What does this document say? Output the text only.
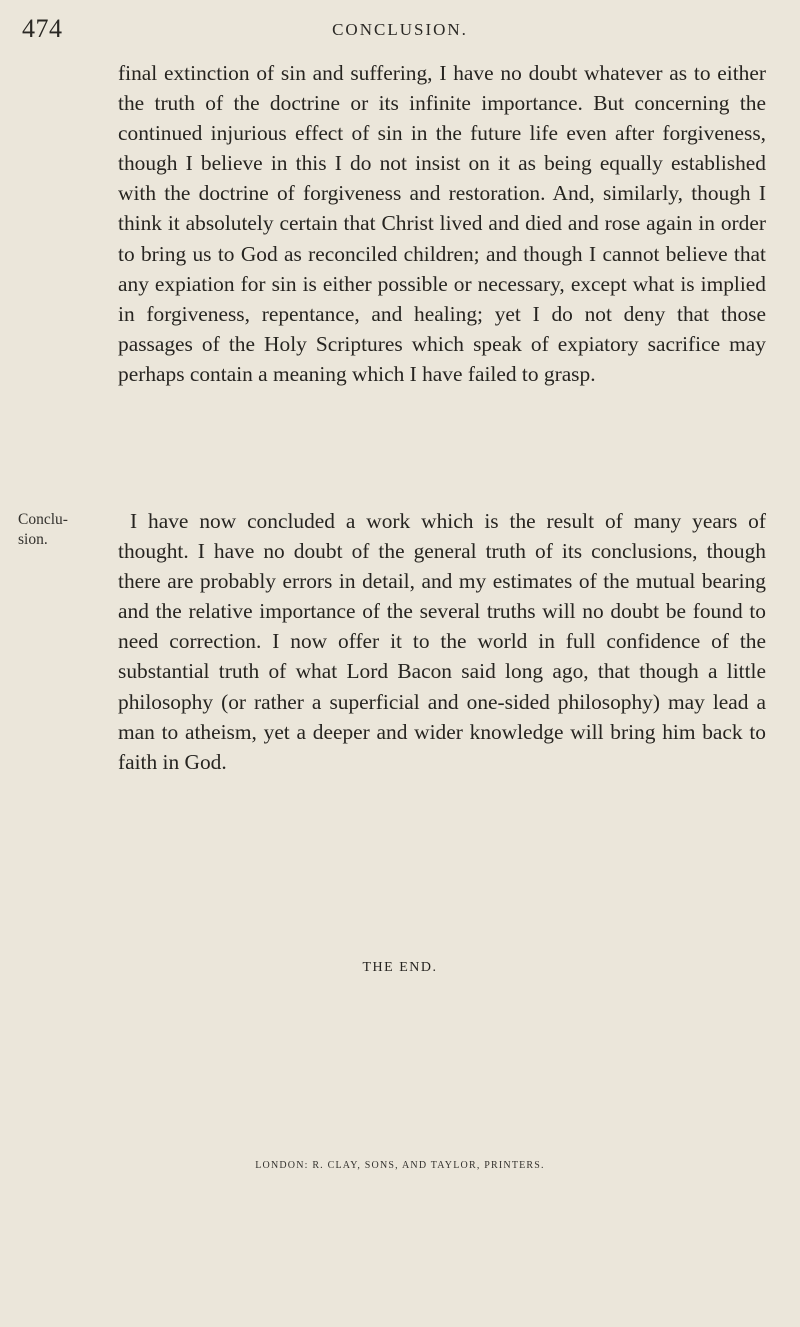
474	CONCLUSION.

final extinction of sin and suffering, I have no doubt whatever as to either the truth of the doctrine or its infinite importance. But concerning the continued injurious effect of sin in the future life even after forgiveness, though I believe in this I do not insist on it as being equally established with the doctrine of forgiveness and restoration. And, similarly, though I think it absolutely certain that Christ lived and died and rose again in order to bring us to God as reconciled children; and though I cannot believe that any expiation for sin is either possible or necessary, except what is implied in forgiveness, repentance, and healing; yet I do not deny that those passages of the Holy Scriptures which speak of expiatory sacrifice may perhaps contain a meaning which I have failed to grasp.

Conclu- sion.

I have now concluded a work which is the result of many years of thought. I have no doubt of the general truth of its conclusions, though there are probably errors in detail, and my estimates of the mutual bearing and the relative importance of the several truths will no doubt be found to need correction. I now offer it to the world in full confidence of the substantial truth of what Lord Bacon said long ago, that though a little philosophy (or rather a superficial and one-sided philosophy) may lead a man to atheism, yet a deeper and wider knowledge will bring him back to faith in God.

THE END.
LONDON: R. CLAY, SONS, AND TAYLOR, PRINTERS.
